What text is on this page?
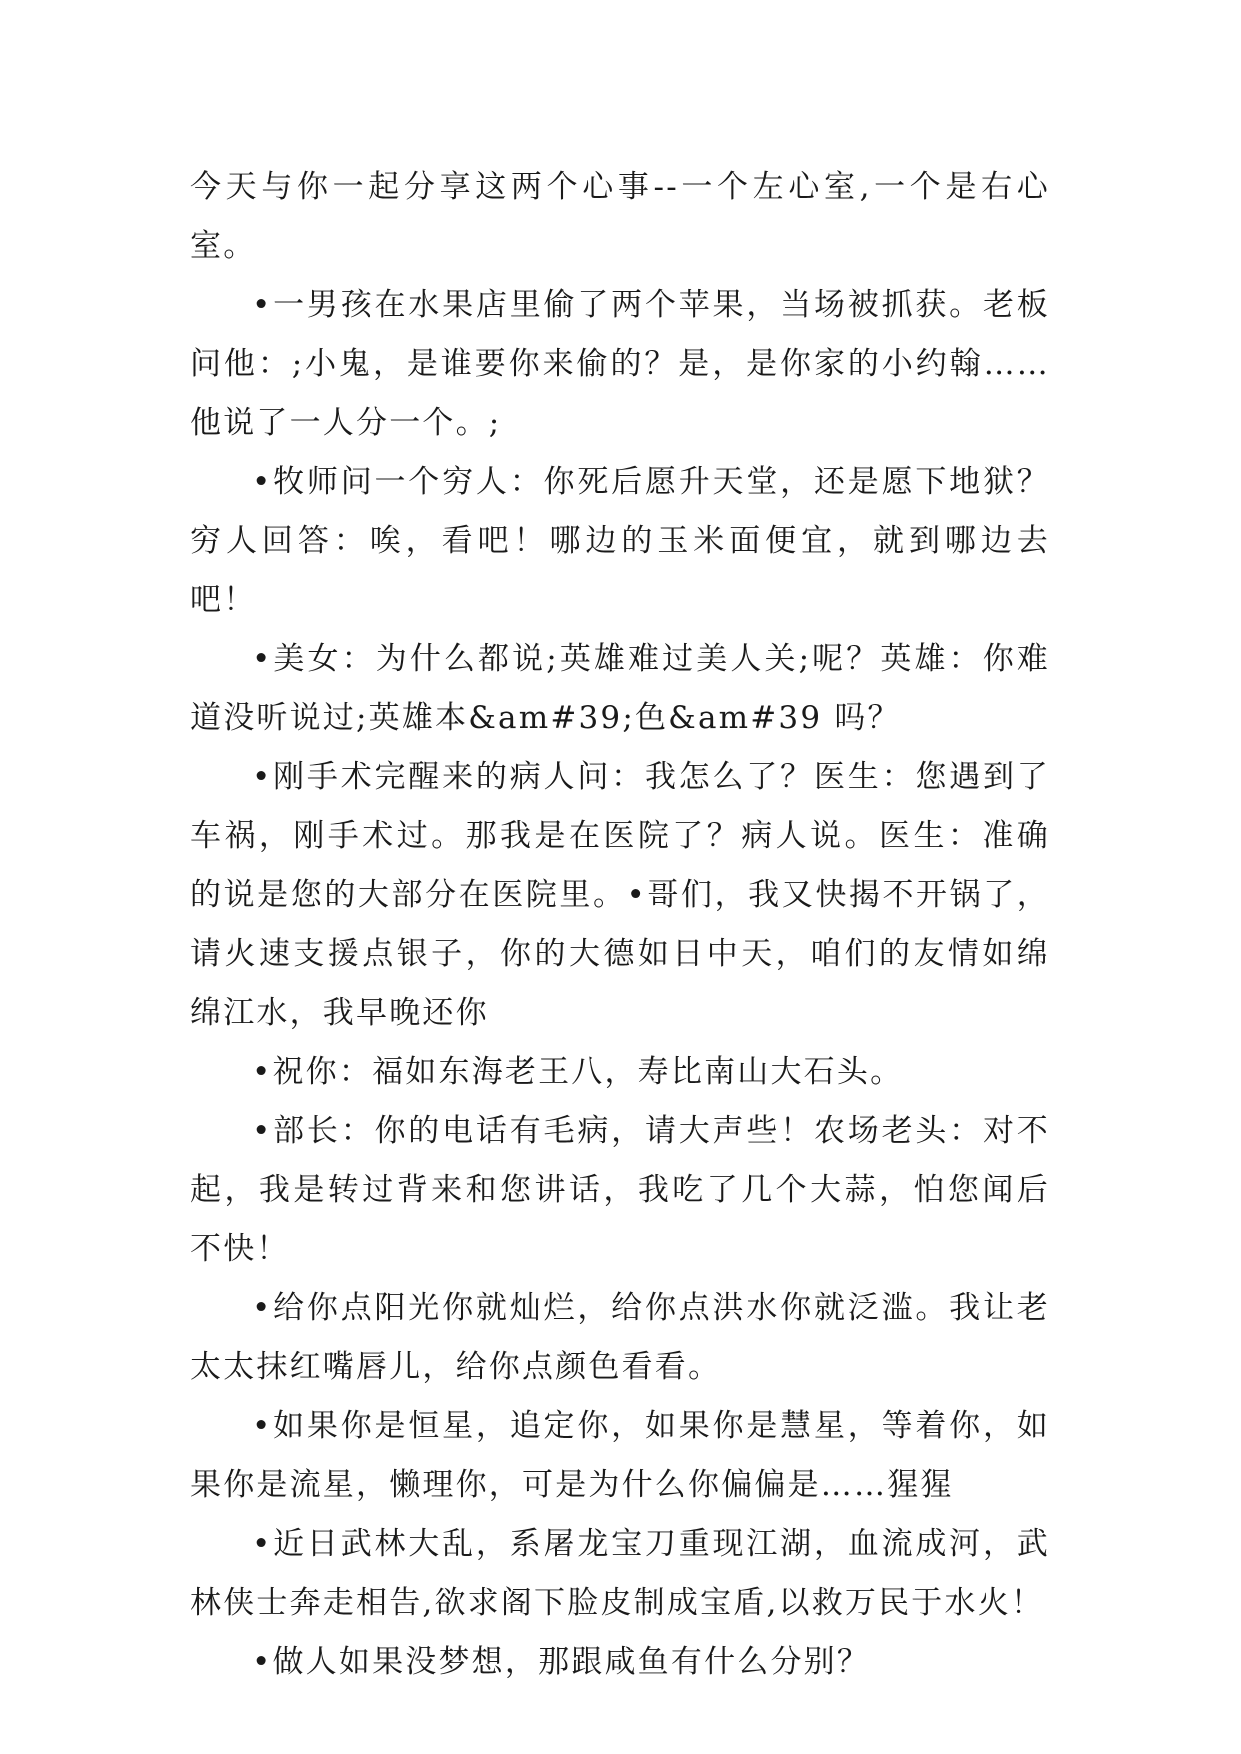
今天与你一起分享这两个心事--一个左心室,一个是右心室。

•一男孩在水果店里偷了两个苹果，当场被抓获。老板问他：;小鬼，是谁要你来偷的？是，是你家的小约翰……他说了一人分一个。;

•牧师问一个穷人：你死后愿升天堂，还是愿下地狱？穷人回答：唉，看吧！哪边的玉米面便宜，就到哪边去吧！

•美女：为什么都说;英雄难过美人关;呢？英雄：你难道没听说过;英雄本&am#39;色&am#39 吗？

•刚手术完醒来的病人问：我怎么了？医生：您遇到了车祸，刚手术过。那我是在医院了？病人说。医生：准确的说是您的大部分在医院里。•哥们，我又快揭不开锅了，请火速支援点银子，你的大德如日中天，咱们的友情如绵绵江水，我早晚还你

•祝你：福如东海老王八，寿比南山大石头。

•部长：你的电话有毛病，请大声些！农场老头：对不起，我是转过背来和您讲话，我吃了几个大蒜，怕您闻后不快！

•给你点阳光你就灿烂，给你点洪水你就泛滥。我让老太太抹红嘴唇儿，给你点颜色看看。

•如果你是恒星，追定你，如果你是慧星，等着你，如果你是流星，懒理你，可是为什么你偏偏是……猩猩

•近日武林大乱，系屠龙宝刀重现江湖，血流成河，武林侠士奔走相告,欲求阁下脸皮制成宝盾,以救万民于水火！

•做人如果没梦想，那跟咸鱼有什么分别？
